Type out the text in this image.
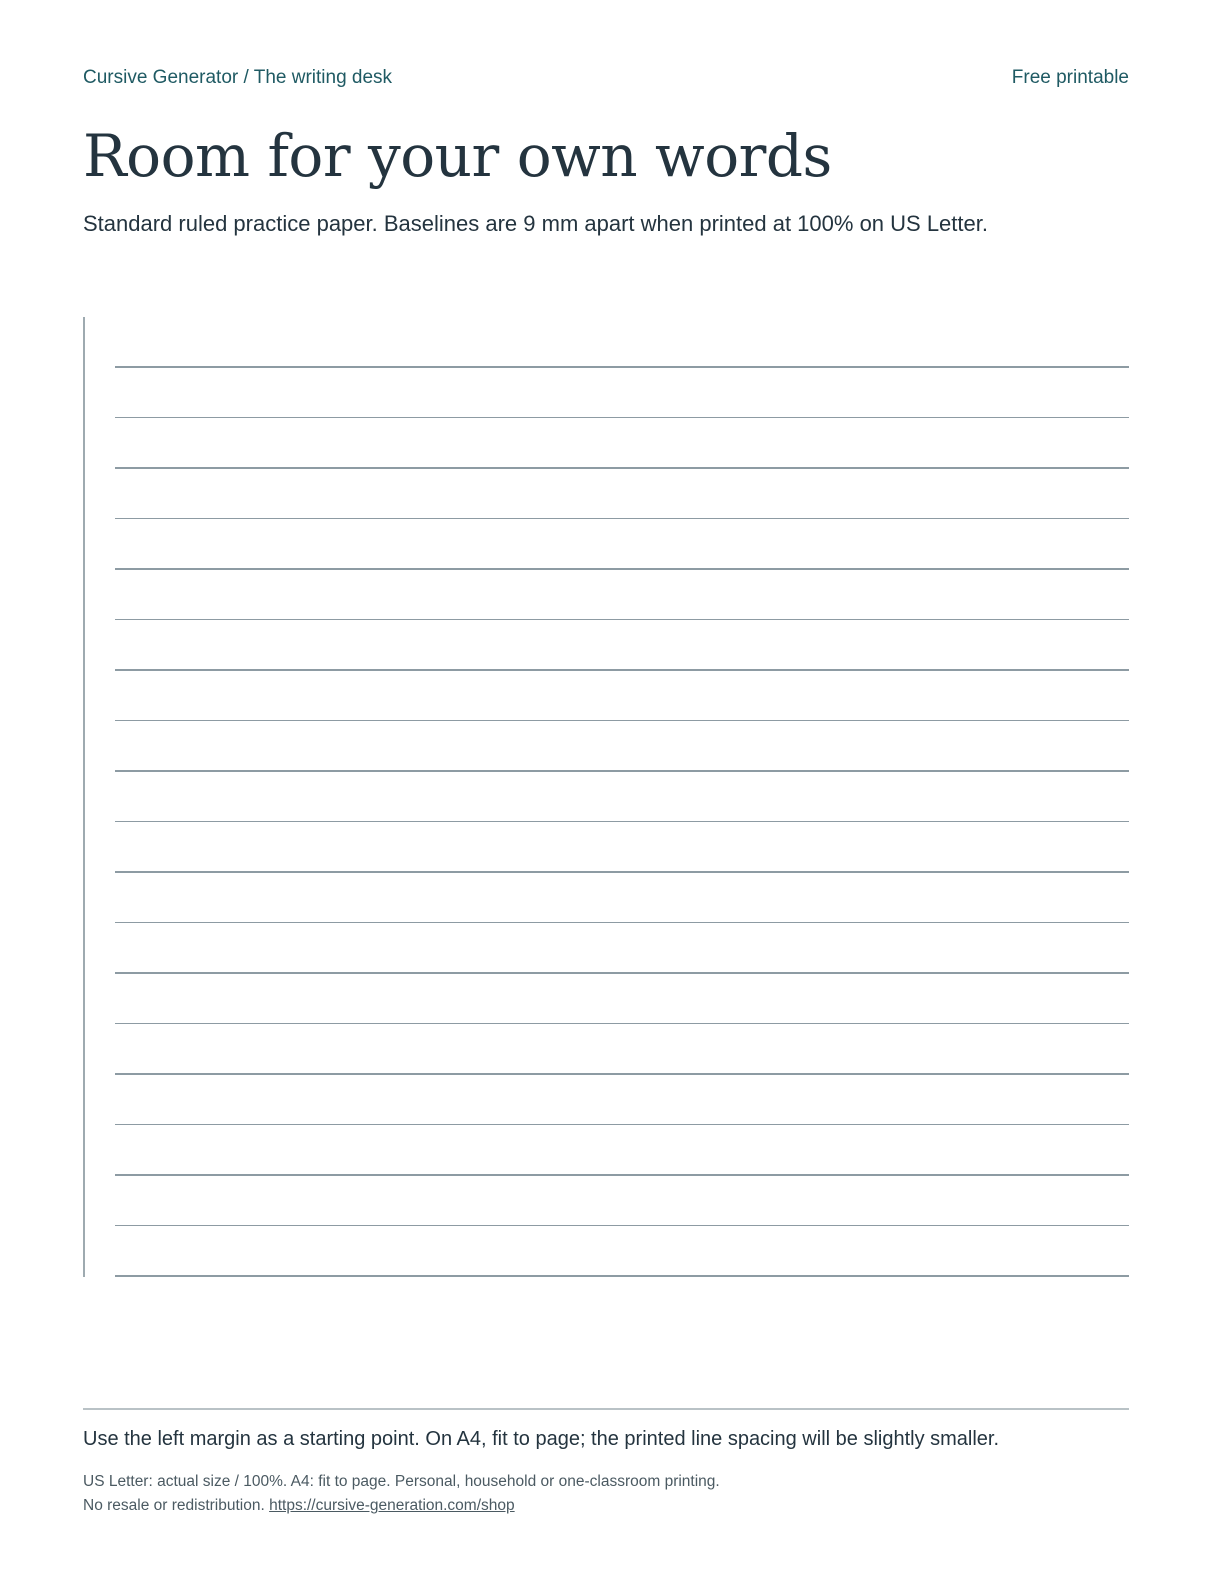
Cursive Generator / The writing desk	Free printable
Room for your own words

Standard ruled practice paper. Baselines are 9 mm apart when printed at 100% on US Letter.

Use the left margin as a starting point. On A4, fit to page; the printed line spacing will be slightly smaller.

US Letter: actual size / 100%. A4: fit to page. Personal, household or one-classroom printing.
No resale or redistribution. https://cursive-generation.com/shop
